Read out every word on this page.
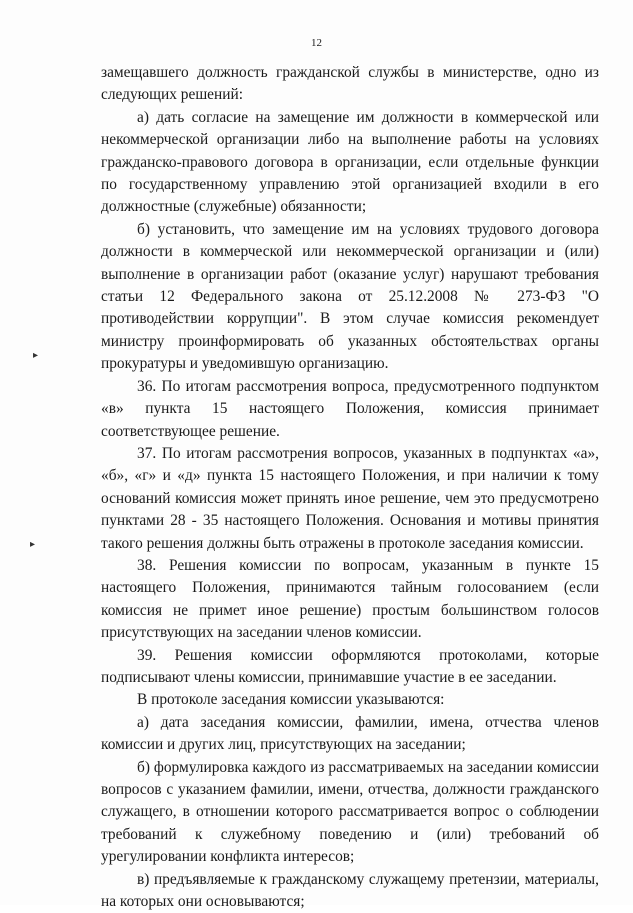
12
▸
▸

замещавшего должность гражданской службы в министерстве, одно из следующих решений:

а) дать согласие на замещение им должности в коммерческой или некоммерческой организации либо на выполнение работы на условиях гражданско-правового договора в организации, если отдельные функции по государственному управлению этой организацией входили в его должностные (служебные) обязанности;

б) установить, что замещение им на условиях трудового договора должности в коммерческой или некоммерческой организации и (или) выполнение в организации работ (оказание услуг) нарушают требования статьи 12 Федерального закона от 25.12.2008 № 273-ФЗ "О противодействии коррупции". В этом случае комиссия рекомендует министру проинформировать об указанных обстоятельствах органы прокуратуры и уведомившую организацию.

36. По итогам рассмотрения вопроса, предусмотренного подпунктом «в» пункта 15 настоящего Положения, комиссия принимает соответствующее решение.

37. По итогам рассмотрения вопросов, указанных в подпунктах «а», «б», «г» и «д» пункта 15 настоящего Положения, и при наличии к тому оснований комиссия может принять иное решение, чем это предусмотрено пунктами 28 - 35 настоящего Положения. Основания и мотивы принятия такого решения должны быть отражены в протоколе заседания комиссии.

38. Решения комиссии по вопросам, указанным в пункте 15 настоящего Положения, принимаются тайным голосованием (если комиссия не примет иное решение) простым большинством голосов присутствующих на заседании членов комиссии.

39. Решения комиссии оформляются протоколами, которые подписывают члены комиссии, принимавшие участие в ее заседании.

В протоколе заседания комиссии указываются:

а) дата заседания комиссии, фамилии, имена, отчества членов комиссии и других лиц, присутствующих на заседании;

б) формулировка каждого из рассматриваемых на заседании комиссии вопросов с указанием фамилии, имени, отчества, должности гражданского служащего, в отношении которого рассматривается вопрос о соблюдении требований к служебному поведению и (или) требований об урегулировании конфликта интересов;

в) предъявляемые к гражданскому служащему претензии, материалы, на которых они основываются;
